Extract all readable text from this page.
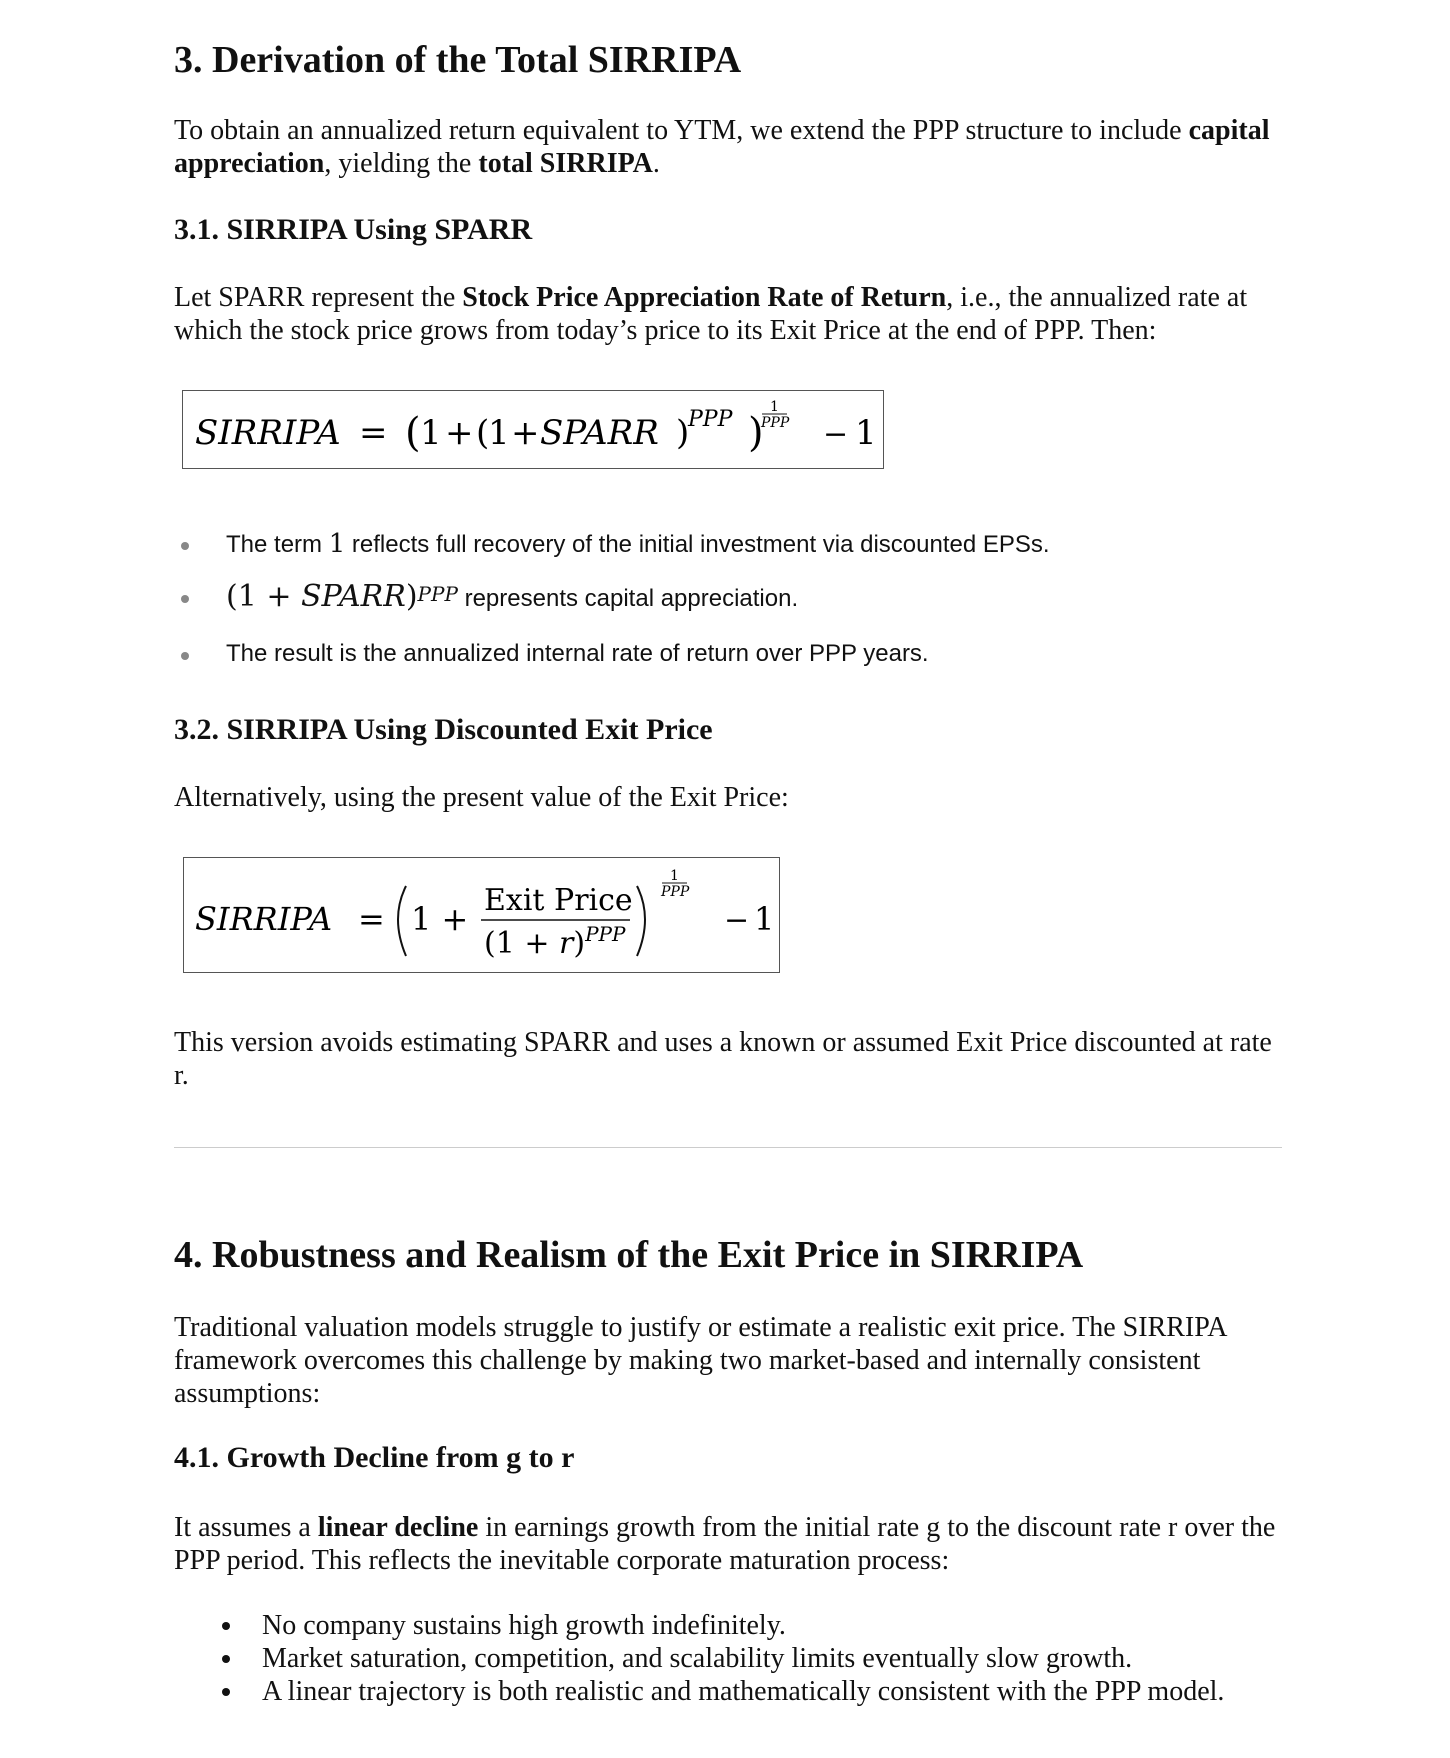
3. Derivation of the Total SIRRIPA

To obtain an annualized return equivalent to YTM, we extend the PPP structure to include capital appreciation, yielding the total SIRRIPA.

3.1. SIRRIPA Using SPARR

Let SPARR represent the Stock Price Appreciation Rate of Return, i.e., the annualized rate at which the stock price grows from today’s price to its Exit Price at the end of PPP. Then:

SIRRIPA = ( 1 + (
1 + SPARR )
PPP )
1
PPP − 1
The term 1 reflects full recovery of the initial investment via discounted EPSs.
(1 + SPARR)$^{PPP}$ represents capital appreciation.
The result is the annualized internal rate of return over PPP years.
3.2. SIRRIPA Using Discounted Exit Price

Alternatively, using the present value of the Exit Price:

SIRRIPA = 1 + Exit Price
$(1 + r)^{PPP}$
1
PPP
− 1

This version avoids estimating SPARR and uses a known or assumed Exit Price discounted at rate r.

4. Robustness and Realism of the Exit Price in SIRRIPA

Traditional valuation models struggle to justify or estimate a realistic exit price. The SIRRIPA framework overcomes this challenge by making two market-based and internally consistent assumptions:

4.1. Growth Decline from g to r

It assumes a linear decline in earnings growth from the initial rate g to the discount rate r over the PPP period. This reflects the inevitable corporate maturation process:

No company sustains high growth indefinitely.
Market saturation, competition, and scalability limits eventually slow growth.
A linear trajectory is both realistic and mathematically consistent with the PPP model.
